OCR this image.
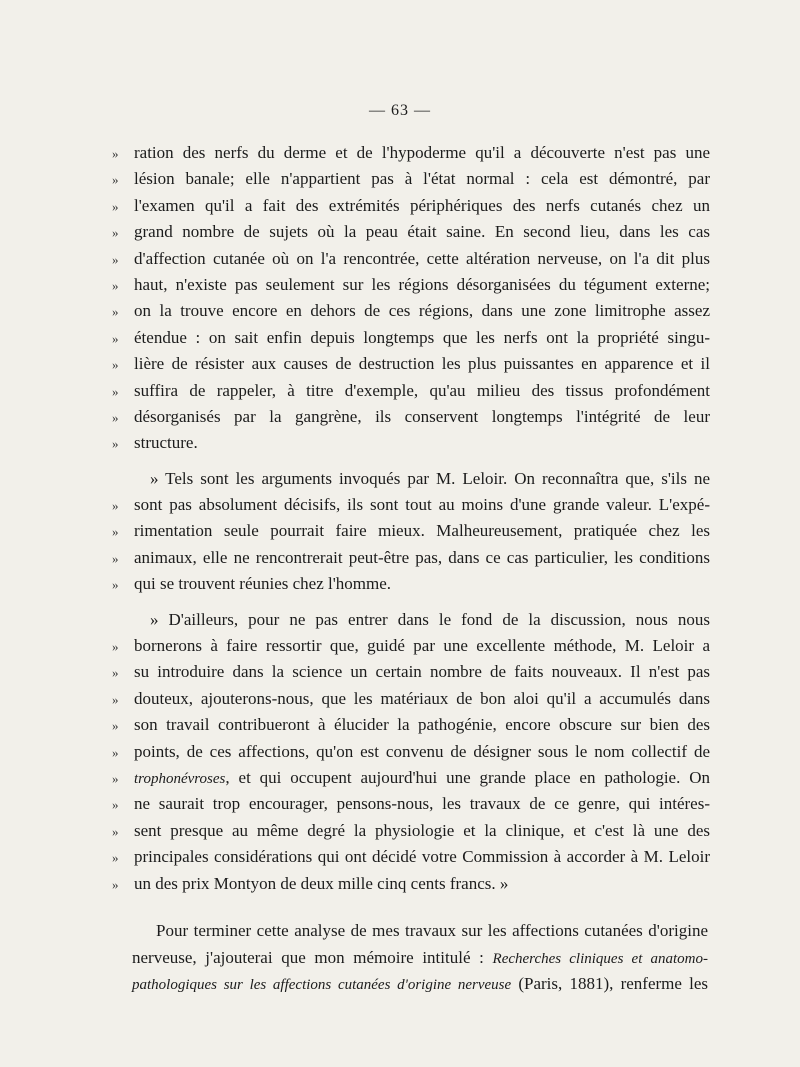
— 63 —
» ration des nerfs du derme et de l'hypoderme qu'il a découverte n'est pas une
» lésion banale; elle n'appartient pas à l'état normal : cela est démontré, par
» l'examen qu'il a fait des extrémités périphériques des nerfs cutanés chez un
» grand nombre de sujets où la peau était saine. En second lieu, dans les cas
» d'affection cutanée où on l'a rencontrée, cette altération nerveuse, on l'a dit plus
» haut, n'existe pas seulement sur les régions désorganisées du tégument externe;
» on la trouve encore en dehors de ces régions, dans une zone limitrophe assez
» étendue : on sait enfin depuis longtemps que les nerfs ont la propriété singu-
» lière de résister aux causes de destruction les plus puissantes en apparence et il
» suffira de rappeler, à titre d'exemple, qu'au milieu des tissus profondément
» désorganisés par la gangrène, ils conservent longtemps l'intégrité de leur
» structure.
» Tels sont les arguments invoqués par M. Leloir. On reconnaîtra que, s'ils ne
» sont pas absolument décisifs, ils sont tout au moins d'une grande valeur. L'expé-
» rimentation seule pourrait faire mieux. Malheureusement, pratiquée chez les
» animaux, elle ne rencontrerait peut-être pas, dans ce cas particulier, les conditions
» qui se trouvent réunies chez l'homme.
» D'ailleurs, pour ne pas entrer dans le fond de la discussion, nous nous
» bornerons à faire ressortir que, guidé par une excellente méthode, M. Leloir a
» su introduire dans la science un certain nombre de faits nouveaux. Il n'est pas
» douteux, ajouterons-nous, que les matériaux de bon aloi qu'il a accumulés dans
» son travail contribueront à élucider la pathogénie, encore obscure sur bien des
» points, de ces affections, qu'on est convenu de désigner sous le nom collectif de
»	trophonévroses, et qui occupent aujourd'hui une grande place en pathologie. On
» ne saurait trop encourager, pensons-nous, les travaux de ce genre, qui intéres-
» sent presque au même degré la physiologie et la clinique, et c'est là une des
» principales considérations qui ont décidé votre Commission à accorder à M. Leloir
» un des prix Montyon de deux mille cinq cents francs. »
Pour terminer cette analyse de mes travaux sur les affections cutanées d'origine
nerveuse, j'ajouterai que mon mémoire intitulé : Recherches cliniques et anatomo-
pathologiques sur les affections cutanées d'origine nerveuse (Paris, 1881), renferme les
